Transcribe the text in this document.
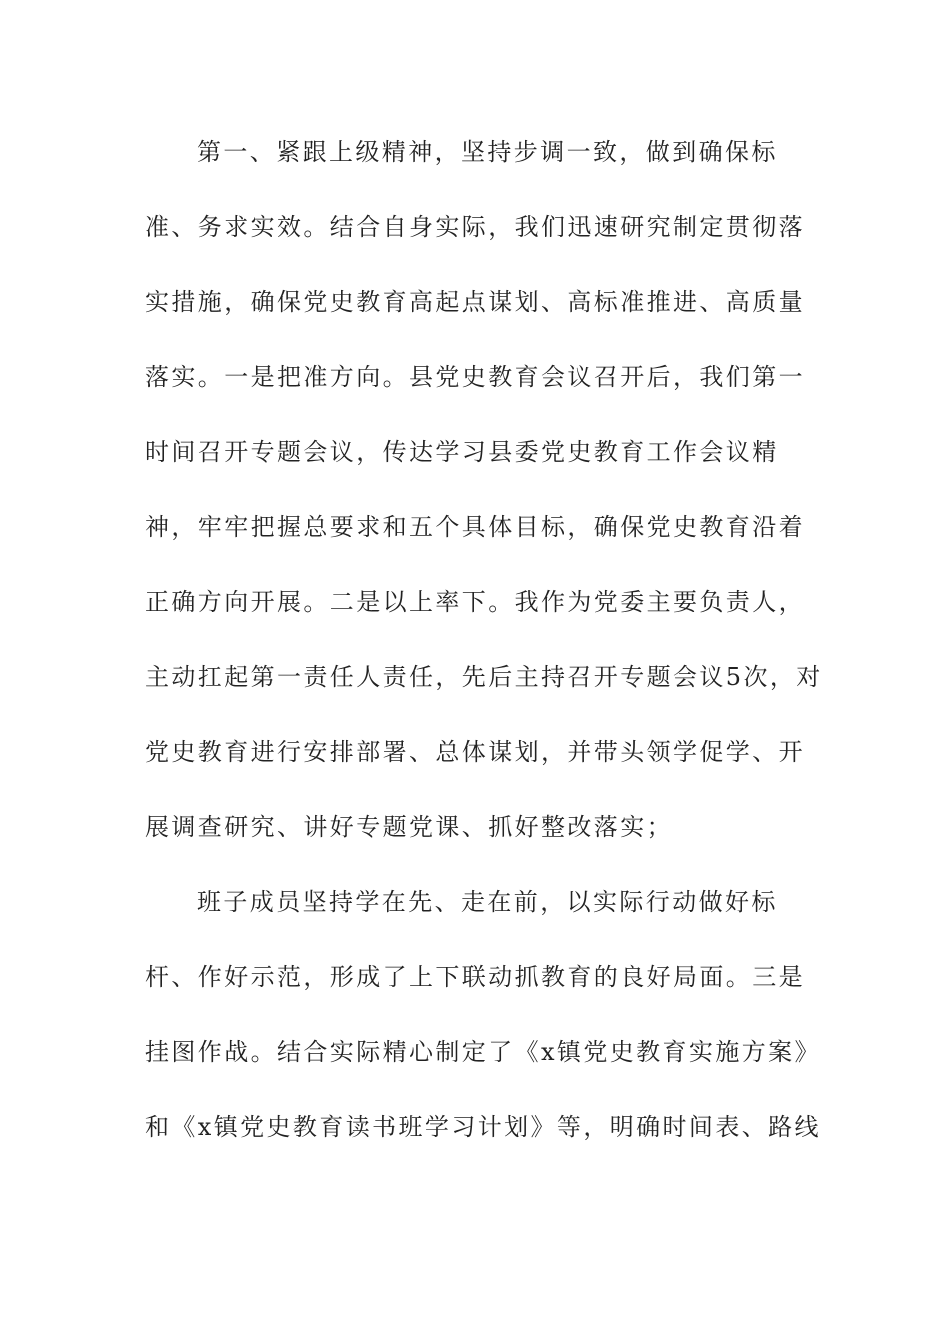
第一、紧跟上级精神，坚持步调一致，做到确保标
准、务求实效。结合自身实际，我们迅速研究制定贯彻落
实措施，确保党史教育高起点谋划、高标准推进、高质量
落实。一是把准方向。县党史教育会议召开后，我们第一
时间召开专题会议，传达学习县委党史教育工作会议精
神，牢牢把握总要求和五个具体目标，确保党史教育沿着
正确方向开展。二是以上率下。我作为党委主要负责人，
主动扛起第一责任人责任，先后主持召开专题会议5次，对
党史教育进行安排部署、总体谋划，并带头领学促学、开
展调查研究、讲好专题党课、抓好整改落实；
班子成员坚持学在先、走在前，以实际行动做好标
杆、作好示范，形成了上下联动抓教育的良好局面。三是
挂图作战。结合实际精心制定了《x镇党史教育实施方案》
和《x镇党史教育读书班学习计划》等，明确时间表、路线
